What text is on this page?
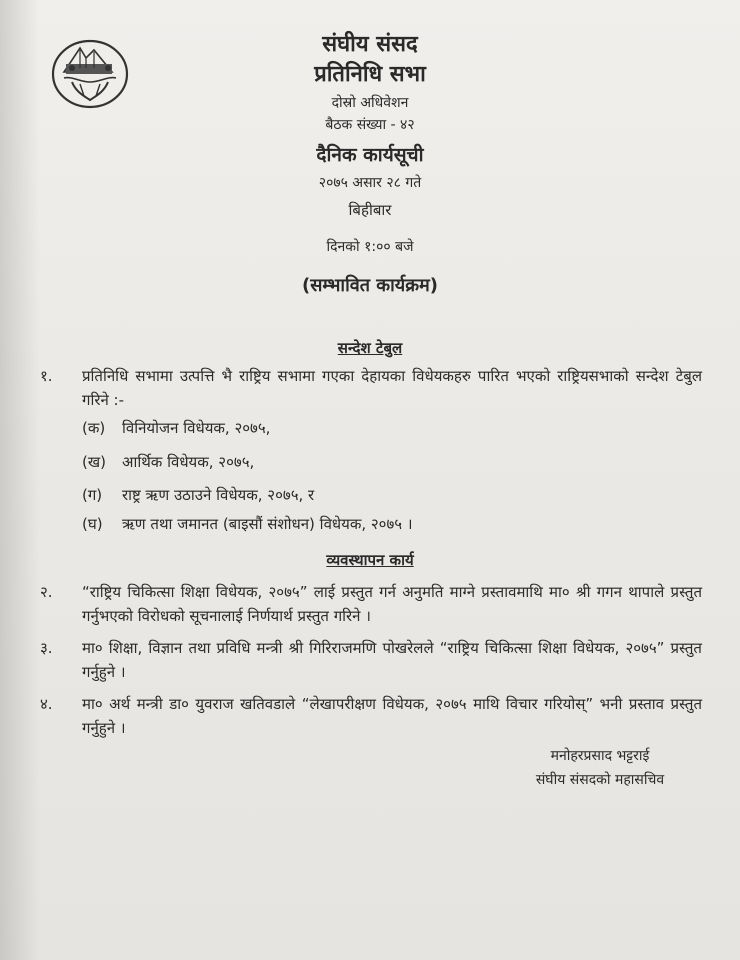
संघीय संसद
प्रतिनिधि सभा
दोस्रो अधिवेशन
बैठक संख्या - ४२
दैनिक कार्यसूची
२०७५ असार २८ गते
बिहीबार
दिनको १:०० बजे
(सम्भावित कार्यक्रम)
सन्देश टेबुल
१.	प्रतिनिधि सभामा उत्पत्ति भै राष्ट्रिय सभामा गएका देहायका विधेयकहरु पारित भएको राष्ट्रियसभाको सन्देश टेबुल गरिने :-
(क) विनियोजन विधेयक, २०७५,
(ख) आर्थिक विधेयक, २०७५,
(ग) राष्ट्र ऋण उठाउने विधेयक, २०७५, र
(घ) ऋण तथा जमानत (बाइसौं संशोधन) विधेयक, २०७५ ।
व्यवस्थापन कार्य
२.	“राष्ट्रिय चिकित्सा शिक्षा विधेयक, २०७५” लाई प्रस्तुत गर्न अनुमति माग्ने प्रस्तावमाथि मा० श्री गगन थापाले प्रस्तुत गर्नुभएको विरोधको सूचनालाई निर्णयार्थ प्रस्तुत गरिने ।
३.	मा० शिक्षा, विज्ञान तथा प्रविधि मन्त्री श्री गिरिराजमणि पोखरेलले “राष्ट्रिय चिकित्सा शिक्षा विधेयक, २०७५” प्रस्तुत गर्नुहुने ।
४.	मा० अर्थ मन्त्री डा० युवराज खतिवडाले “लेखापरीक्षण विधेयक, २०७५ माथि विचार गरियोस्” भनी प्रस्ताव प्रस्तुत गर्नुहुने ।
मनोहरप्रसाद भट्टराई
संघीय संसदको महासचिव
